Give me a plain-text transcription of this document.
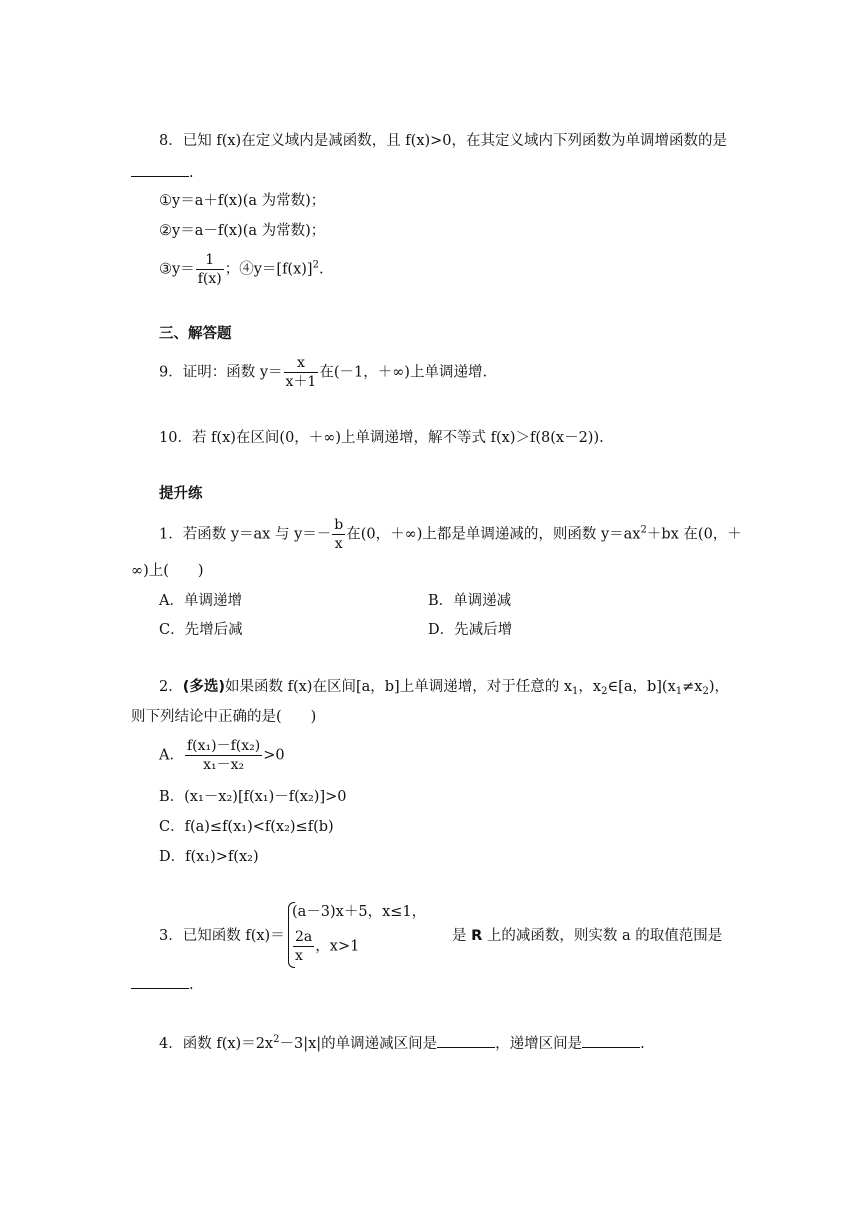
8．已知 f(x)在定义域内是减函数，且 f(x)>0，在其定义域内下列函数为单调增函数的是
.
①y＝a＋f(x)(a 为常数)；
②y＝a－f(x)(a 为常数)；
③y＝ $\frac{1}{f(x)}$ ；$④y=[f(x)]^2$.
三、解答题
9．证明：函数 $y= \frac{x}{x+1}$ 在(－1，＋∞)上单调递增.
10．若 f(x)在区间(0，＋∞)上单调递增，解不等式 f(x)＞f(8(x－2)).
提升练
1．若函数 y＝ax 与 $y=- \frac{b}{x}$ 在(0，＋∞)上都是单调递减的，则函数 $y=ax^2+bx$ 在(0，＋
∞)上(　　)
A．单调递增	B．单调递减
C．先增后减	D．先减后增
2．(多选)如果函数 f(x)在区间[a，b]上单调递增，对于任意的 $x_1$，$x_2\in[a$，$b](x_1\ne x_2)$，
则下列结论中正确的是(　　)
A． $\frac{\text{f(x₁)－f(x₂)}}{\text{x₁－x₂}} >0$
B．(x₁－x₂)[f(x₁)－f(x₂)]>0
C．f(a)≤f(x₁)<f(x₂)≤f(b)
D．f(x₁)>f(x₂)
3．已知函数 f(x)＝
(a－3)x＋5，x≤1，
$\frac{2a}{x}$ ，x>1
是 R 上的减函数，则实数 a 的取值范围是
.
4．函数 $f(x)=2x^2-3|x|$的单调递减区间是	，递增区间是	.
